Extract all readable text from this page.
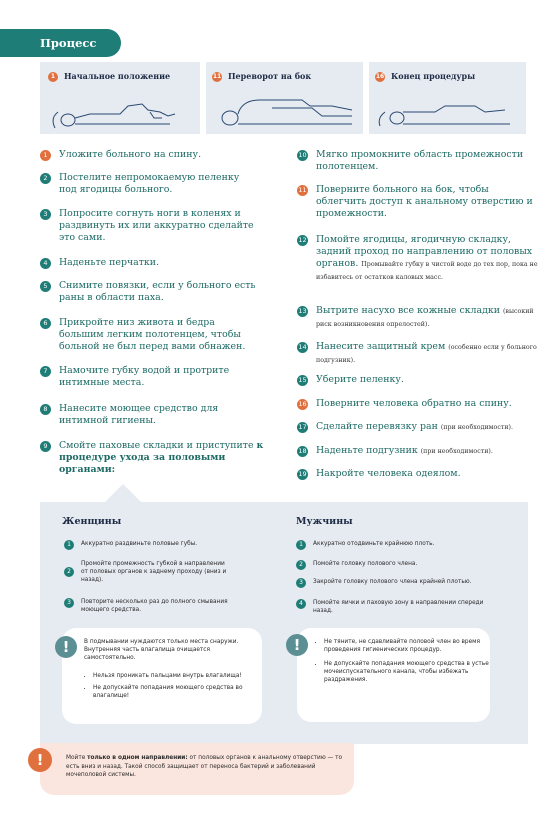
Процесс
1 Начальное положение	11 Переворот на бок	16 Конец процедуры
1	Уложите больного на спину.
2	Постелите непромокаемую пеленку под ягодицы больного.
3	Попросите согнуть ноги в коленях и раздвинуть их или аккуратно сделайте это сами.
4	Наденьте перчатки.
5	Снимите повязки, если у больного есть раны в области паха.
6	Прикройте низ живота и бедра большим легким полотенцем, чтобы больной не был перед вами обнажен.
7	Намочите губку водой и протрите интимные места.
8	Нанесите моющее средство для интимной гигиены.
9	Смойте паховые складки и приступите к процедуре ухода за половыми органами:
10 Мягко промокните область промежности полотенцем.
11 Поверните больного на бок, чтобы облегчить доступ к анальному отверстию и промежности.
12 Помойте ягодицы, ягодичную складку, задний проход по направлению от половых органов. Промывайте губку в чистой воде до тех пор, пока не избавитесь от остатков каловых масс.
13 Вытрите насухо все кожные складки (высокий риск возникновения опрелостей).
14 Нанесите защитный крем (особенно если у больного подгузник).
15 Уберите пеленку.
16 Поверните человека обратно на спину.
17 Сделайте перевязку ран (при необходимости).
18 Наденьте подгузник (при необходимости).
19 Накройте человека одеялом.
Женщины
1	Аккуратно раздвиньте половые губы.
2
Промойте промежность губкой в направлении от половых органов к заднему проходу (вниз и назад).
3	Повторите несколько раз до полного смывания моющего средства.
В подмывании нуждаются только места снаружи. Внутренняя часть влагалища очищается самостоятельно.
• Нельзя проникать пальцами внутрь влагалища!
• Не допускайте попадания моющего средства во влагалище!
!
Мужчины
1	Аккуратно отодвиньте крайнюю плоть.
2	Помойте головку полового члена.
3	Закройте головку полового члена крайней плотью.
4	Помойте яички и паховую зону в направлении спереди назад.
• Не тяните, не сдавливайте половой член во время проведения гигиенических процедур.
• Не допускайте попадания моющего средства в устье мочеиспускательного канала, чтобы избежать раздражения.
!
Мойте только в одном направлении: от половых органов к анальному отверстию — то есть вниз и назад. Такой способ защищает от переноса бактерий и заболеваний мочеполовой системы.
!
